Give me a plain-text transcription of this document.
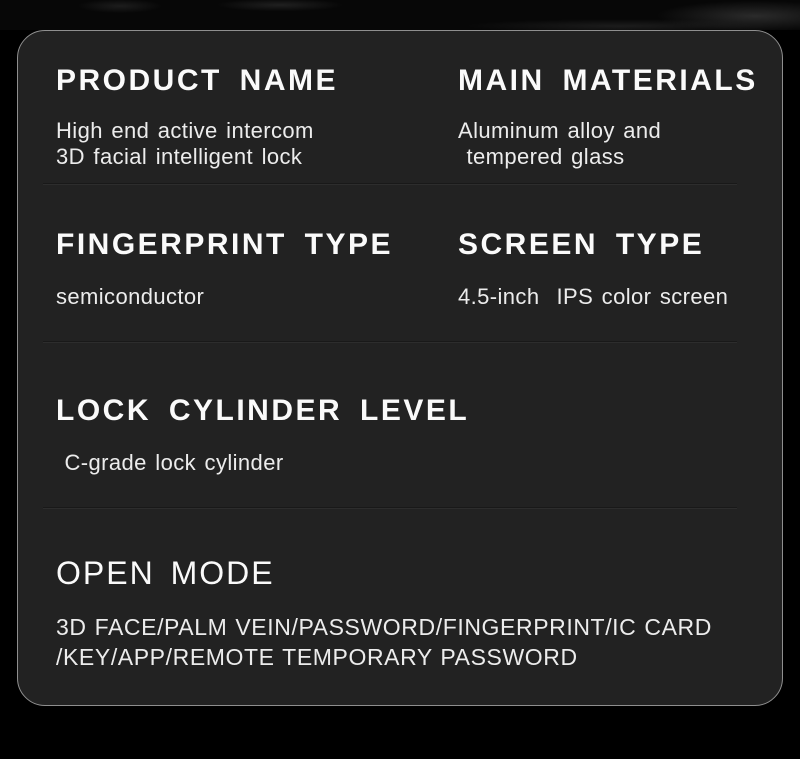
PRODUCT NAME

High end active intercom

3D facial intelligent lock

MAIN MATERIALS

Aluminum alloy and

tempered glass

FINGERPRINT TYPE

semiconductor

SCREEN TYPE

4.5-inch  IPS color screen

LOCK CYLINDER LEVEL

C-grade lock cylinder

OPEN MODE

3D FACE/PALM VEIN/PASSWORD/FINGERPRINT/IC CARD

/KEY/APP/REMOTE TEMPORARY PASSWORD
